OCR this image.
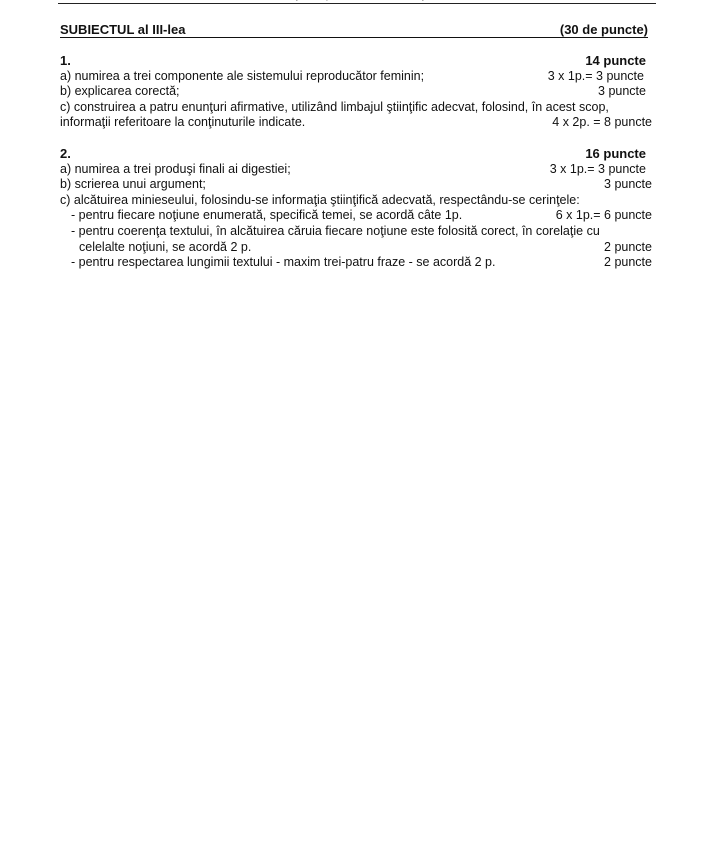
SUBIECTUL al III-lea	(30 de puncte)
1.	14 puncte
a) numirea a trei componente ale sistemului reproducător feminin;	3 x 1p.= 3 puncte
b) explicarea corectă;	3 puncte
c) construirea a patru enunţuri afirmative, utilizând limbajul ştiinţific adecvat, folosind, în acest scop,
informaţii referitoare la conţinuturile indicate.	4 x 2p. = 8 puncte
2.	16 puncte
a) numirea a trei produşi finali ai digestiei;	3 x 1p.= 3 puncte
b) scrierea unui argument;	3 puncte
c) alcătuirea minieseului, folosindu-se informaţia ştiinţifică adecvată, respectându-se cerinţele:
- pentru fiecare noţiune enumerată, specifică temei, se acordă câte 1p.	6 x 1p.= 6 puncte
- pentru coerenţa textului, în alcătuirea căruia fiecare noţiune este folosită corect, în corelaţie cu
celelalte noţiuni, se acordă 2 p.	2 puncte
- pentru respectarea lungimii textului - maxim trei-patru fraze - se acordă 2 p.	2 puncte
